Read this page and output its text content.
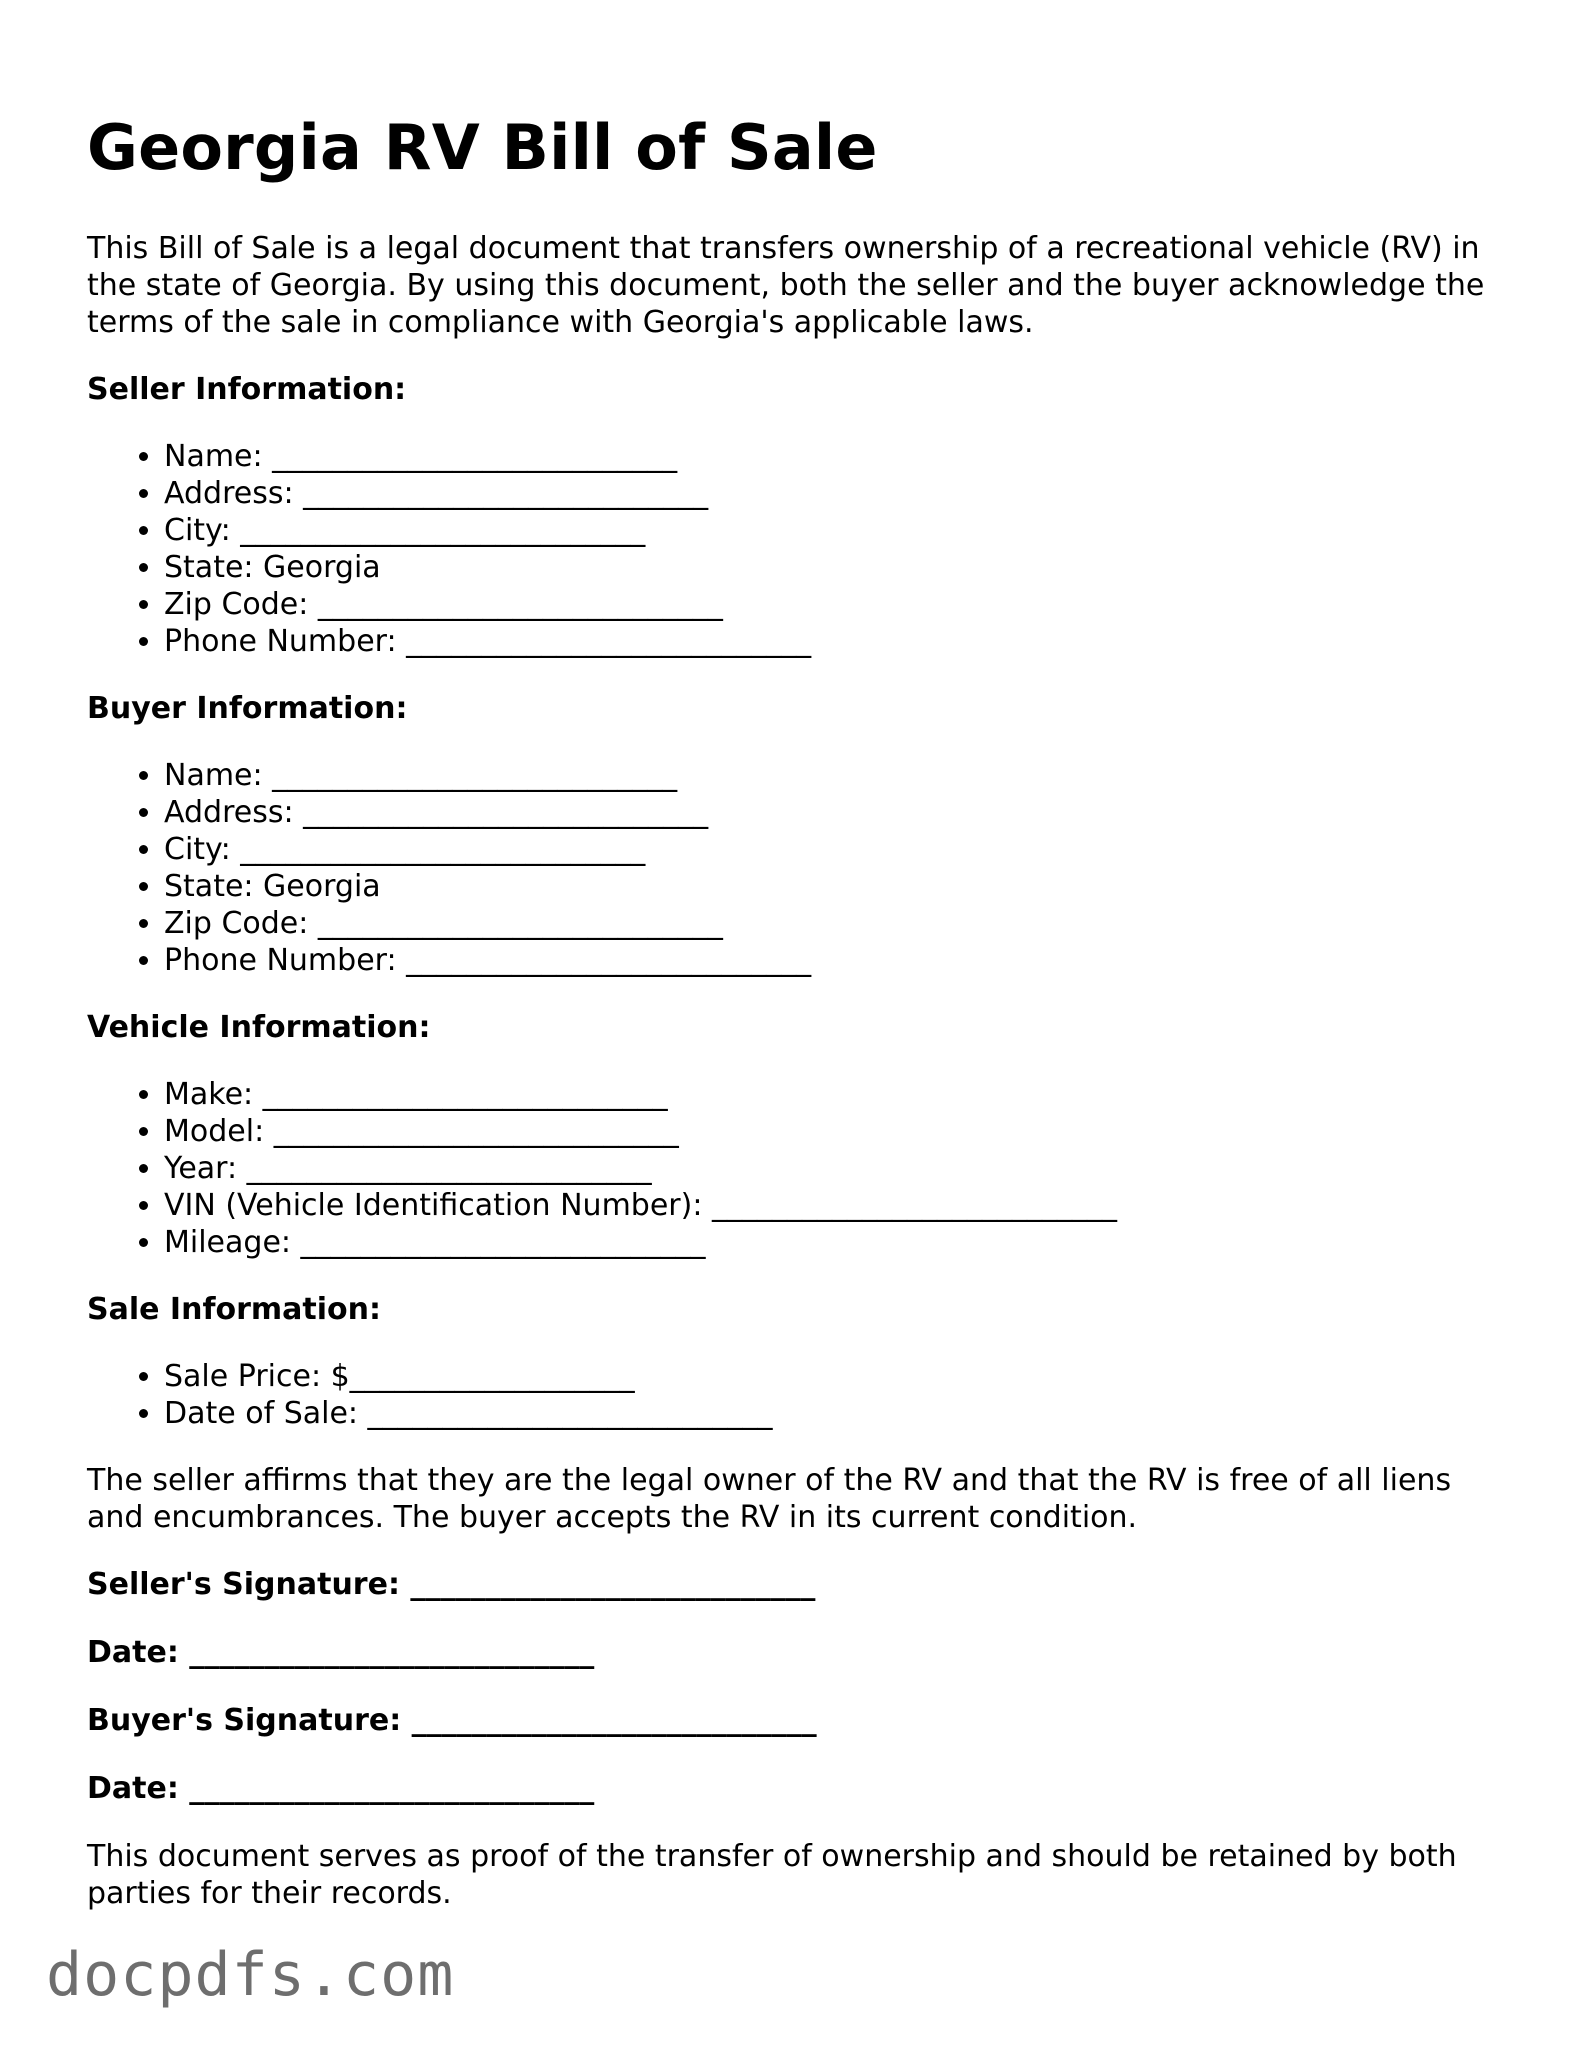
Georgia RV Bill of Sale

This Bill of Sale is a legal document that transfers ownership of a recreational vehicle (RV) in the state of Georgia. By using this document, both the seller and the buyer acknowledge the terms of the sale in compliance with Georgia's applicable laws.

Seller Information:
• Name: ___________________________
• Address: ___________________________
• City: ___________________________
• State: Georgia
• Zip Code: ___________________________
• Phone Number: ___________________________
Buyer Information:
• Name: ___________________________
• Address: ___________________________
• City: ___________________________
• State: Georgia
• Zip Code: ___________________________
• Phone Number: ___________________________
Vehicle Information:
• Make: ___________________________
• Model: ___________________________
• Year: ___________________________
• VIN (Vehicle Identification Number): ___________________________
• Mileage: ___________________________
Sale Information:
• Sale Price: $___________________
• Date of Sale: ___________________________

The seller affirms that they are the legal owner of the RV and that the RV is free of all liens and encumbrances. The buyer accepts the RV in its current condition.

Seller's Signature: ___________________________
Date: ___________________________
Buyer's Signature: ___________________________
Date: ___________________________

This document serves as proof of the transfer of ownership and should be retained by both parties for their records.

docpdfs.com
